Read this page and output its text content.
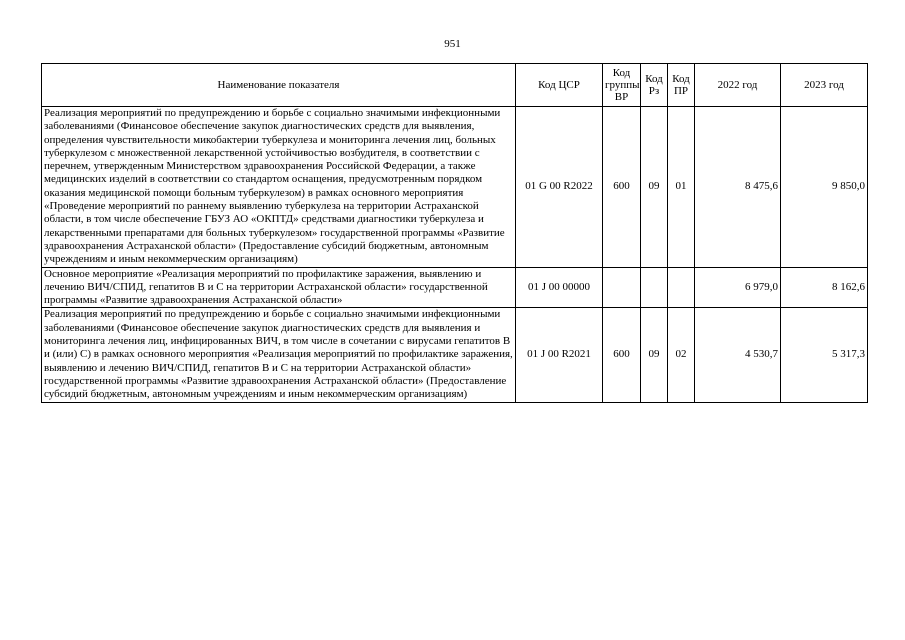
951
Наименование показателя	Код ЦСР	Код группы ВР	Код Рз	Код ПР	2022 год	2023 год
Реализация мероприятий по предупреждению и борьбе с социально значимыми инфекционными заболеваниями (Финансовое обеспечение закупок диагностических средств для выявления, определения чувствительности микобактерии туберкулеза и мониторинга лечения лиц, больных туберкулезом с множественной лекарственной устойчивостью возбудителя, в соответствии с перечнем, утвержденным Министерством здравоохранения Российской Федерации, а также медицинских изделий в соответствии со стандартом оснащения, предусмотренным порядком оказания медицинской помощи больным туберкулезом) в рамках основного мероприятия «Проведение мероприятий по раннему выявлению туберкулеза на территории Астраханской области, в том числе обеспечение ГБУЗ АО «ОКПТД» средствами диагностики туберкулеза и лекарственными препаратами для больных туберкулезом» государственной программы «Развитие здравоохранения Астраханской области» (Предоставление субсидий бюджетным, автономным учреждениям и иным некоммерческим организациям)	01 G 00 R2022	600	09	01	8 475,6	9 850,0
Основное мероприятие «Реализация мероприятий по профилактике заражения, выявлению и лечению ВИЧ/СПИД, гепатитов В и С на территории Астраханской области» государственной программы «Развитие здравоохранения Астраханской области»	01 J 00 00000				6 979,0	8 162,6
Реализация мероприятий по предупреждению и борьбе с социально значимыми инфекционными заболеваниями (Финансовое обеспечение закупок диагностических средств для выявления и мониторинга лечения лиц, инфицированных ВИЧ, в том числе в сочетании с вирусами гепатитов В и (или) С) в рамках основного мероприятия «Реализация мероприятий по профилактике заражения, выявлению и лечению ВИЧ/СПИД, гепатитов В и С на территории Астраханской области» государственной программы «Развитие здравоохранения Астраханской области» (Предоставление субсидий бюджетным, автономным учреждениям и иным некоммерческим организациям)	01 J 00 R2021	600	09	02	4 530,7	5 317,3
